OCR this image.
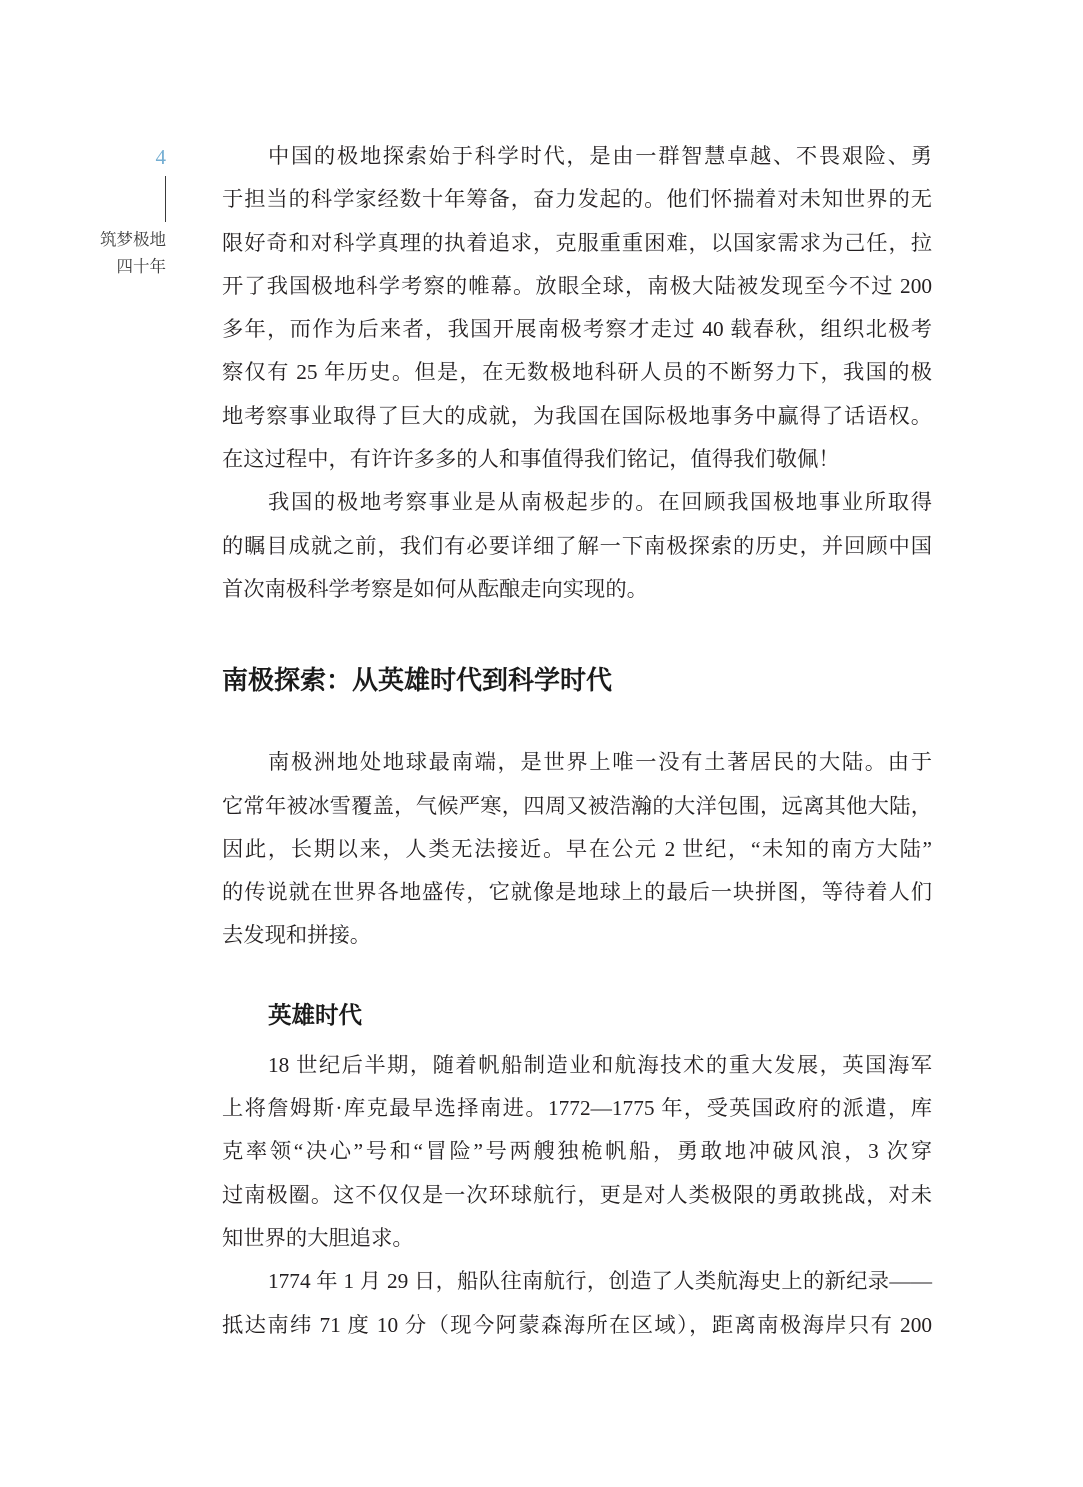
4
筑梦极地
四十年
中国的极地探索始于科学时代，是由一群智慧卓越、不畏艰险、勇
于担当的科学家经数十年筹备，奋力发起的。他们怀揣着对未知世界的无
限好奇和对科学真理的执着追求，克服重重困难，以国家需求为己任，拉
开了我国极地科学考察的帷幕。放眼全球，南极大陆被发现至今不过 200
多年，而作为后来者，我国开展南极考察才走过 40 载春秋，组织北极考
察仅有 25 年历史。但是，在无数极地科研人员的不断努力下，我国的极
地考察事业取得了巨大的成就，为我国在国际极地事务中赢得了话语权。
在这过程中，有许许多多的人和事值得我们铭记，值得我们敬佩！
我国的极地考察事业是从南极起步的。在回顾我国极地事业所取得
的瞩目成就之前，我们有必要详细了解一下南极探索的历史，并回顾中国
首次南极科学考察是如何从酝酿走向实现的。
南极探索：从英雄时代到科学时代
南极洲地处地球最南端，是世界上唯一没有土著居民的大陆。由于
它常年被冰雪覆盖，气候严寒，四周又被浩瀚的大洋包围，远离其他大陆，
因此，长期以来，人类无法接近。早在公元 2 世纪，“未知的南方大陆”
的传说就在世界各地盛传，它就像是地球上的最后一块拼图，等待着人们
去发现和拼接。
英雄时代
18 世纪后半期，随着帆船制造业和航海技术的重大发展，英国海军
上将詹姆斯·库克最早选择南进。1772—1775 年，受英国政府的派遣，库
克率领“决心”号和“冒险”号两艘独桅帆船，勇敢地冲破风浪，3 次穿
过南极圈。这不仅仅是一次环球航行，更是对人类极限的勇敢挑战，对未
知世界的大胆追求。
1774 年 1 月 29 日，船队往南航行，创造了人类航海史上的新纪录——
抵达南纬 71 度 10 分（现今阿蒙森海所在区域），距离南极海岸只有 200
